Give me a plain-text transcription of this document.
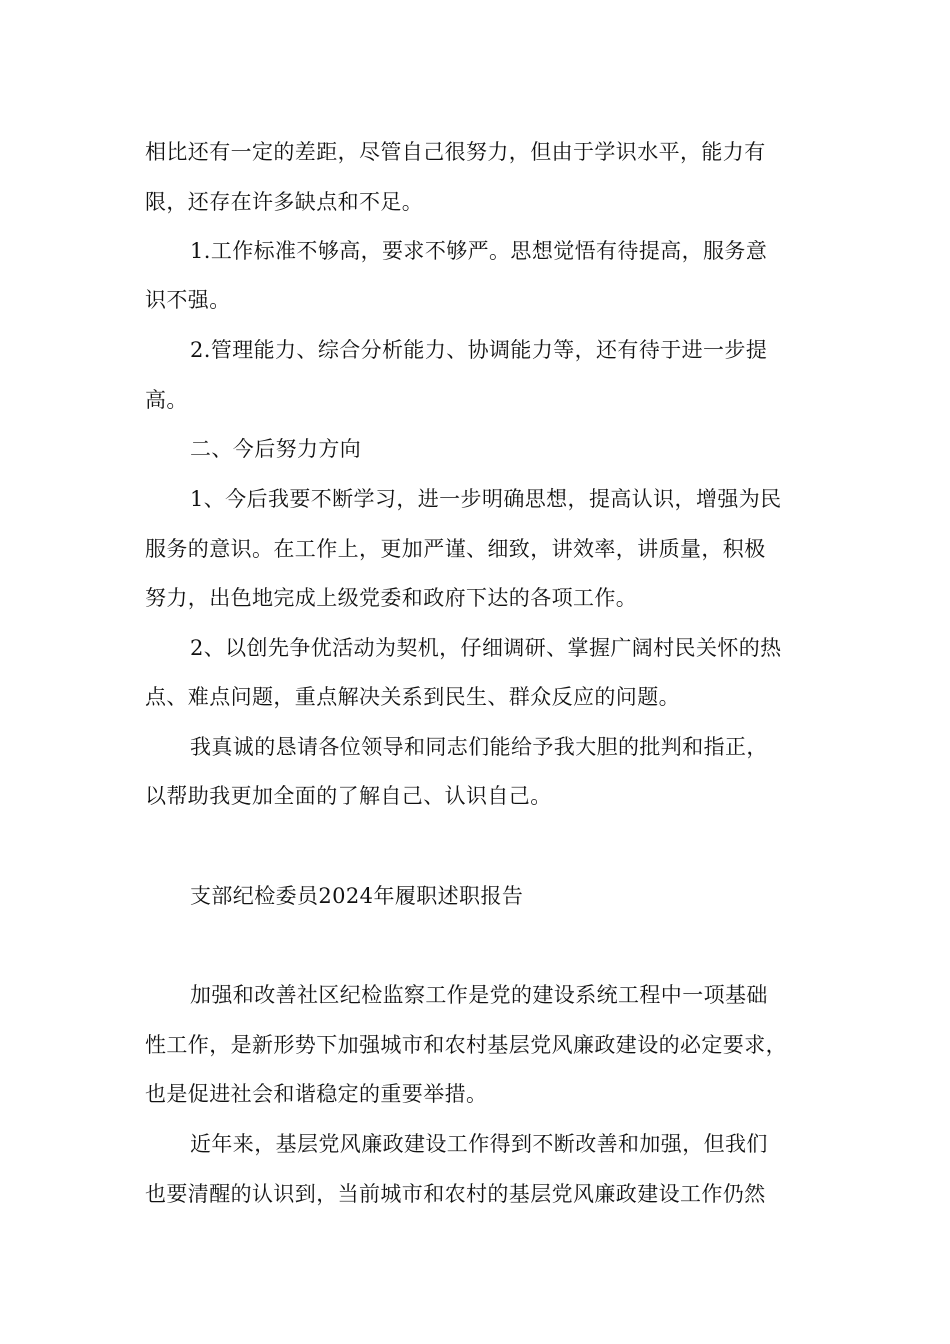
相比还有一定的差距，尽管自己很努力，但由于学识水平，能力有
限，还存在许多缺点和不足。
1.工作标准不够高，要求不够严。思想觉悟有待提高，服务意
识不强。
2.管理能力、综合分析能力、协调能力等，还有待于进一步提
高。
二、今后努力方向
1、今后我要不断学习，进一步明确思想，提高认识，增强为民
服务的意识。在工作上，更加严谨、细致，讲效率，讲质量，积极
努力，出色地完成上级党委和政府下达的各项工作。
2、以创先争优活动为契机，仔细调研、掌握广阔村民关怀的热
点、难点问题，重点解决关系到民生、群众反应的问题。
我真诚的恳请各位领导和同志们能给予我大胆的批判和指正，
以帮助我更加全面的了解自己、认识自己。
支部纪检委员2024年履职述职报告
加强和改善社区纪检监察工作是党的建设系统工程中一项基础
性工作，是新形势下加强城市和农村基层党风廉政建设的必定要求，
也是促进社会和谐稳定的重要举措。
近年来，基层党风廉政建设工作得到不断改善和加强，但我们
也要清醒的认识到，当前城市和农村的基层党风廉政建设工作仍然
